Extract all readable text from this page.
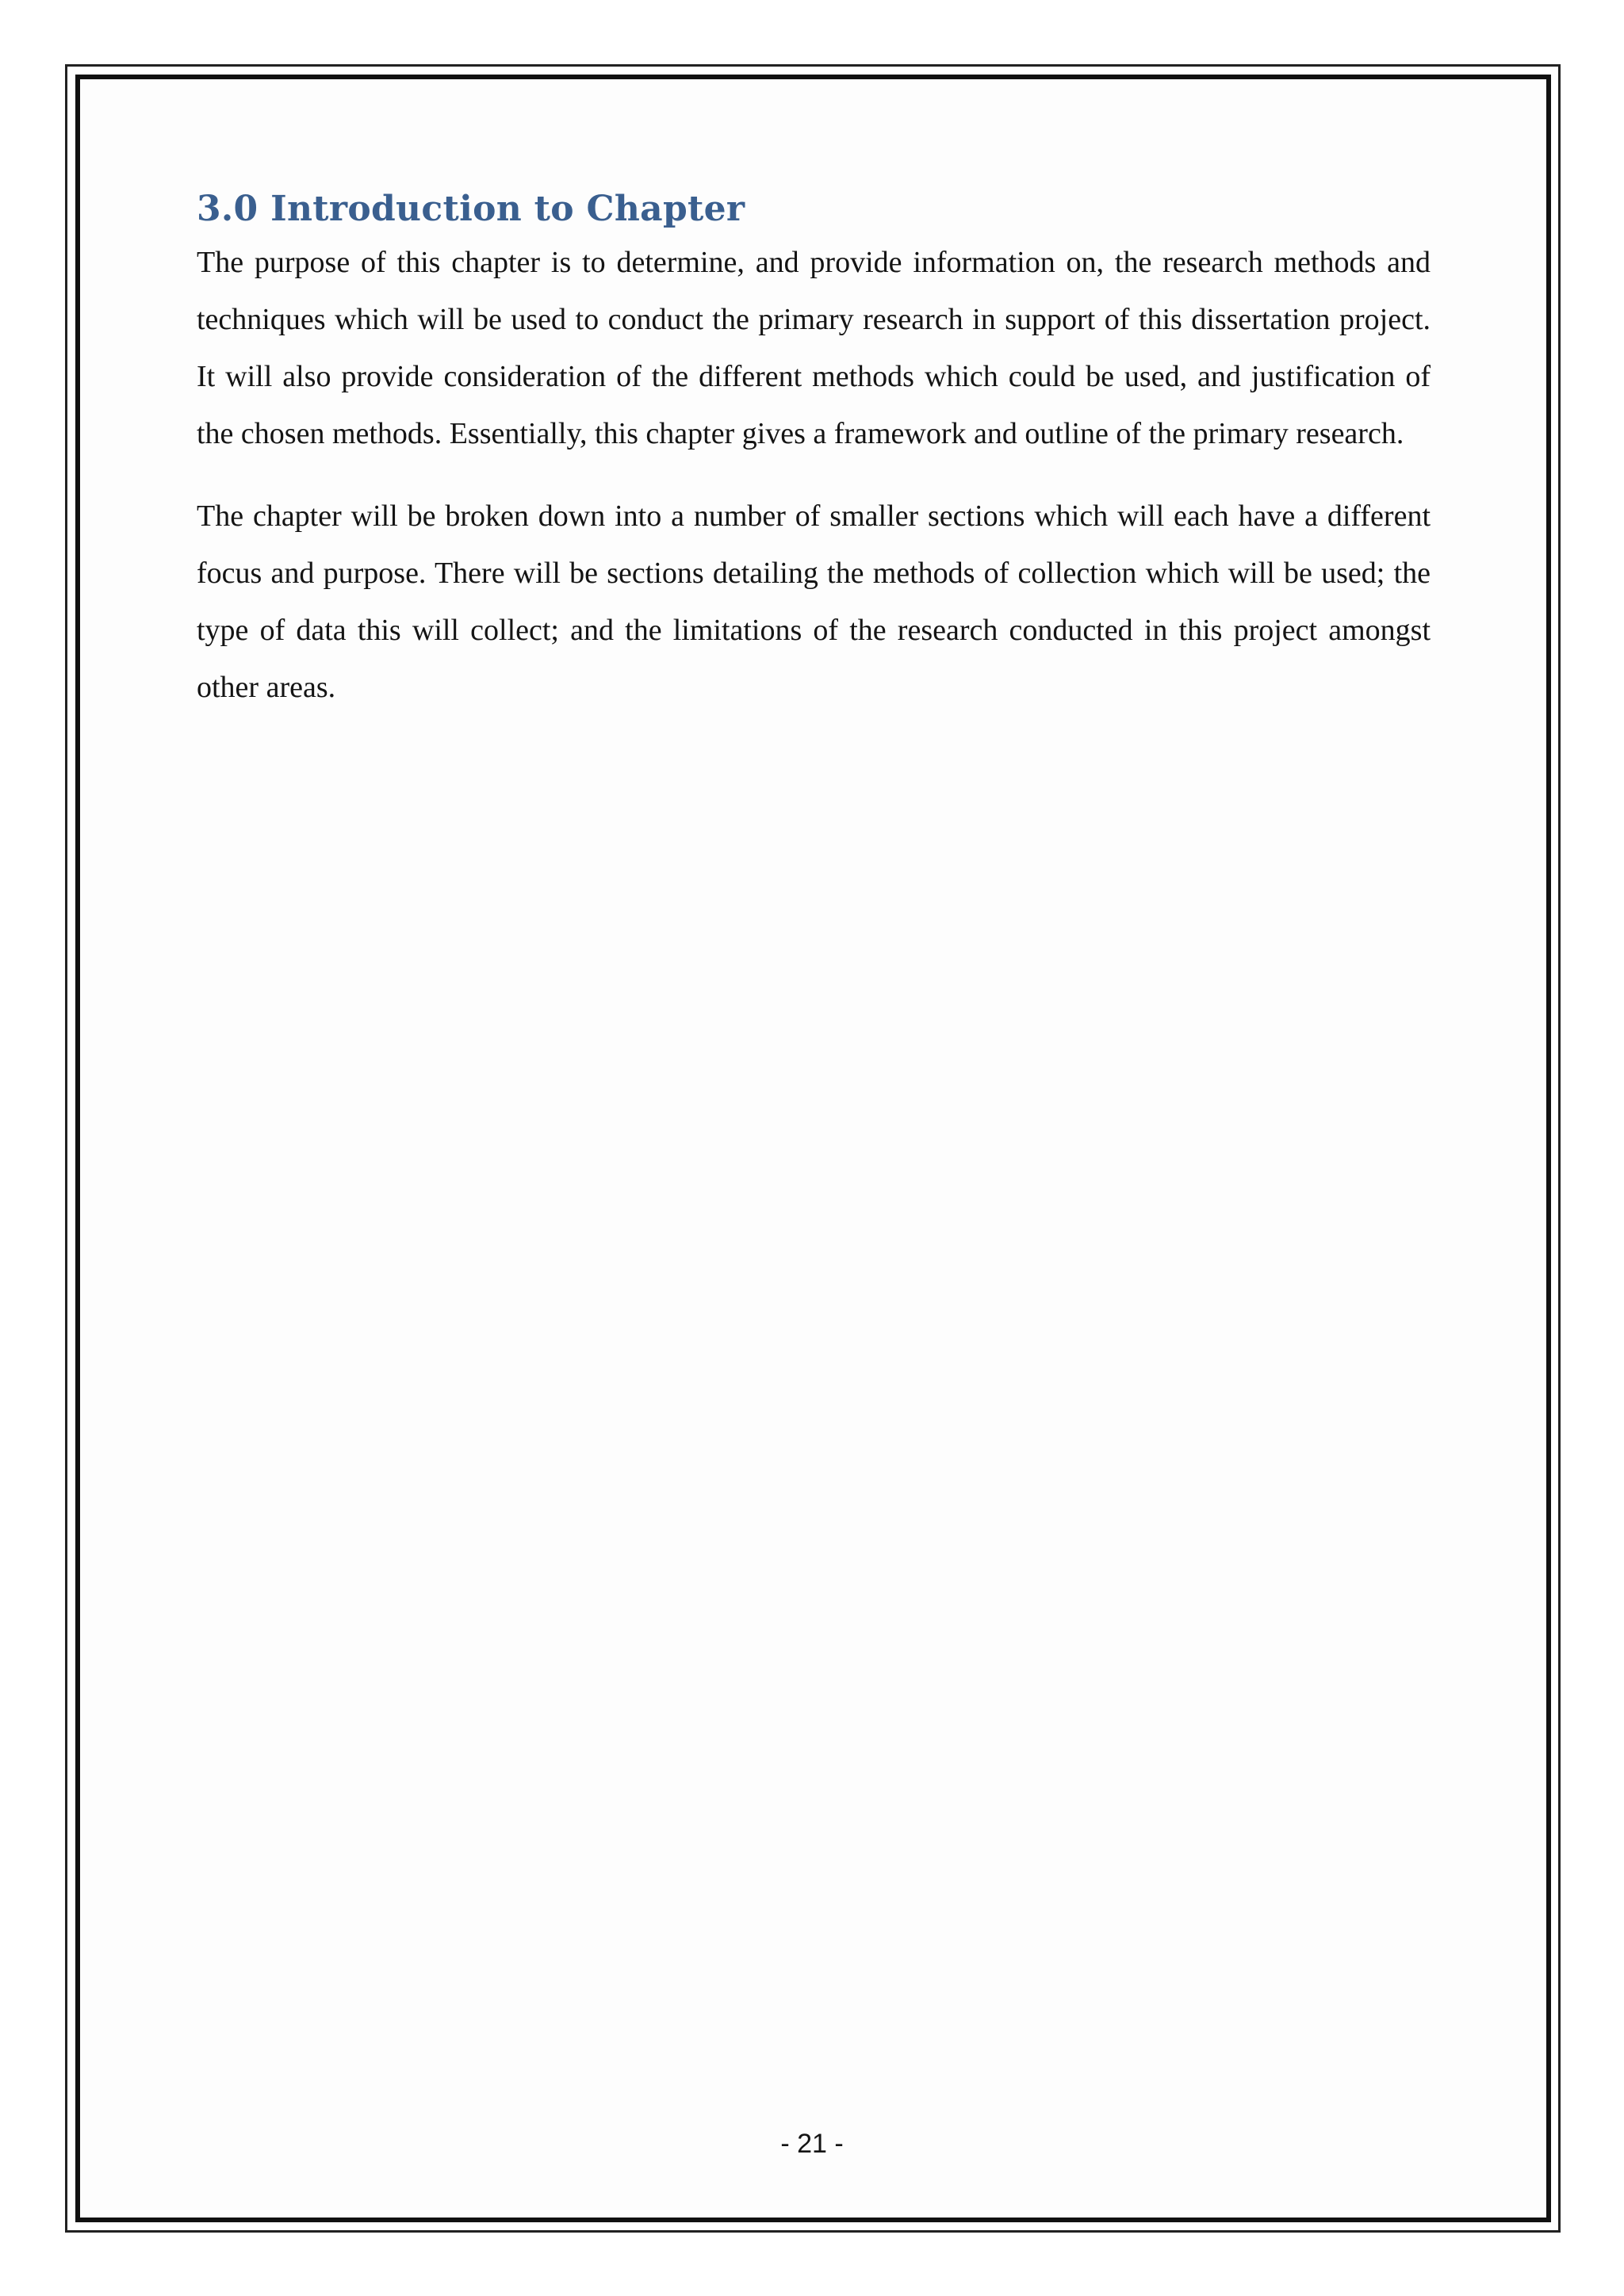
3.0 Introduction to Chapter

The purpose of this chapter is to determine, and provide information on, the research methods and techniques which will be used to conduct the primary research in support of this dissertation project. It will also provide consideration of the different methods which could be used, and justification of the chosen methods. Essentially, this chapter gives a framework and outline of the primary research.

The chapter will be broken down into a number of smaller sections which will each have a different focus and purpose. There will be sections detailing the methods of collection which will be used; the type of data this will collect; and the limitations of the research conducted in this project amongst other areas.

- 21 -
